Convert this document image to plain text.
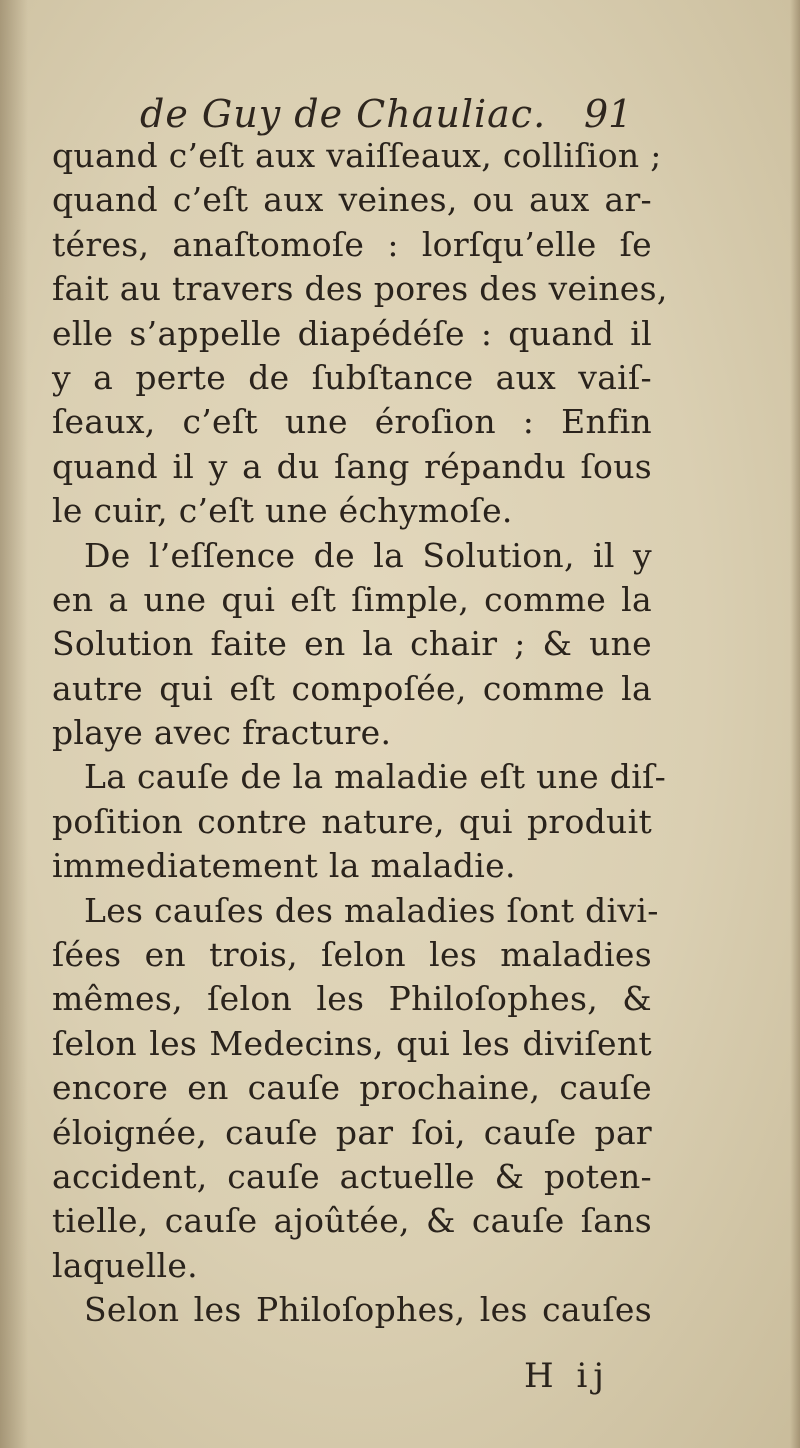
de Guy de Chauliac. 91
quand c’eſt aux vaiſſeaux, colliſion ;
quand c’eſt aux veines, ou aux ar-
téres, anaſtomoſe : lorſqu’elle ſe
fait au travers des pores des veines,
elle s’appelle diapédéſe : quand il
y a perte de ſubſtance aux vaiſ-
ſeaux, c’eſt une éroſion : Enfin
quand il y a du ſang répandu ſous
le cuir, c’eſt une échymoſe.
De l’eſſence de la Solution, il y
en a une qui eſt ſimple, comme la
Solution faite en la chair ; & une
autre qui eſt compoſée, comme la
playe avec fracture.
La cauſe de la maladie eſt une diſ-
poſition contre nature, qui produit
immediatement la maladie.
Les cauſes des maladies ſont divi-
ſées en trois, ſelon les maladies
mêmes, ſelon les Philoſophes, &
ſelon les Medecins, qui les diviſent
encore en cauſe prochaine, cauſe
éloignée, cauſe par ſoi, cauſe par
accident, cauſe actuelle & poten-
tielle, cauſe ajoûtée, & cauſe ſans
laquelle.
Selon les Philoſophes, les cauſes
H ij
